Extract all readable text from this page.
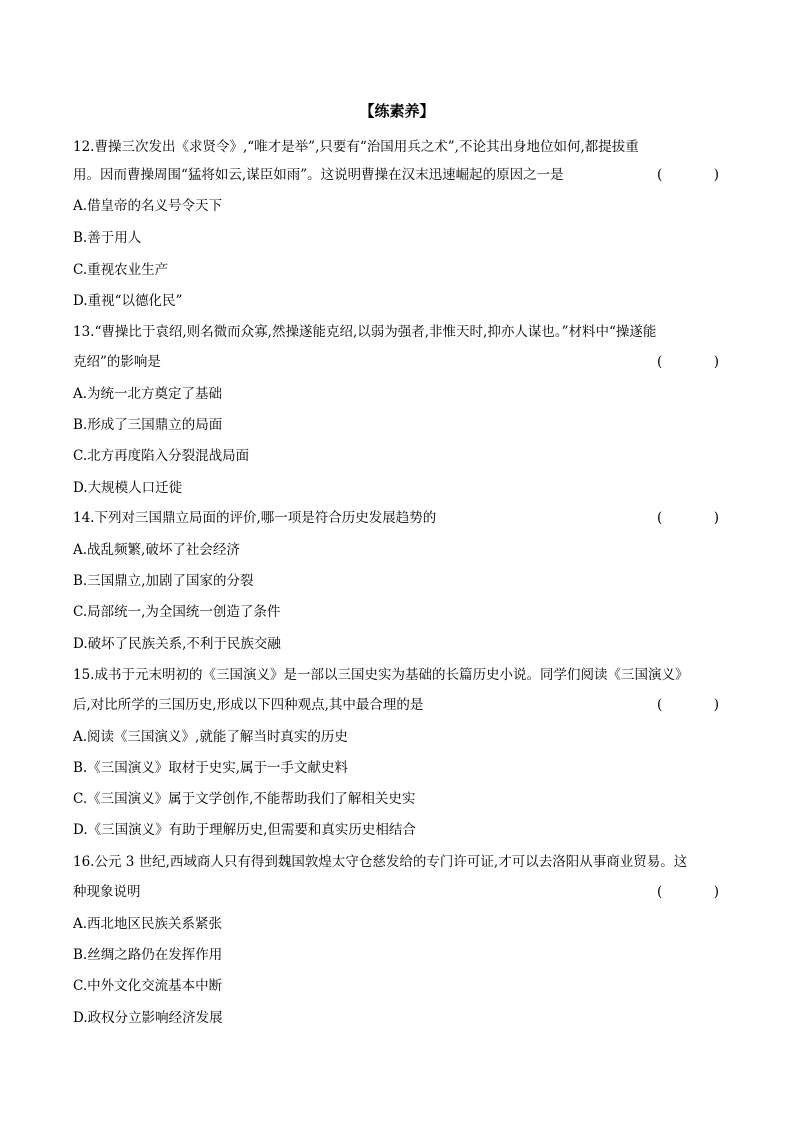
【练素养】
12.曹操三次发出《求贤令》,“唯才是举”,只要有“治国用兵之术”,不论其出身地位如何,都提拔重
用。因而曹操周围“猛将如云,谋臣如雨”。这说明曹操在汉末迅速崛起的原因之一是	(	)
A.借皇帝的名义号令天下
B.善于用人
C.重视农业生产
D.重视“以德化民”
13.“曹操比于袁绍,则名微而众寡,然操遂能克绍,以弱为强者,非惟天时,抑亦人谋也。”材料中“操遂能
克绍”的影响是	(	)
A.为统一北方奠定了基础
B.形成了三国鼎立的局面
C.北方再度陷入分裂混战局面
D.大规模人口迁徙
14.下列对三国鼎立局面的评价,哪一项是符合历史发展趋势的	(	)
A.战乱频繁,破坏了社会经济
B.三国鼎立,加剧了国家的分裂
C.局部统一,为全国统一创造了条件
D.破坏了民族关系,不利于民族交融
15.成书于元末明初的《三国演义》是一部以三国史实为基础的长篇历史小说。同学们阅读《三国演义》
后,对比所学的三国历史,形成以下四种观点,其中最合理的是	(	)
A.阅读《三国演义》,就能了解当时真实的历史
B.《三国演义》取材于史实,属于一手文献史料
C.《三国演义》属于文学创作,不能帮助我们了解相关史实
D.《三国演义》有助于理解历史,但需要和真实历史相结合
16.公元 3 世纪,西域商人只有得到魏国敦煌太守仓慈发给的专门许可证,才可以去洛阳从事商业贸易。这
种现象说明	(	)
A.西北地区民族关系紧张
B.丝绸之路仍在发挥作用
C.中外文化交流基本中断
D.政权分立影响经济发展
